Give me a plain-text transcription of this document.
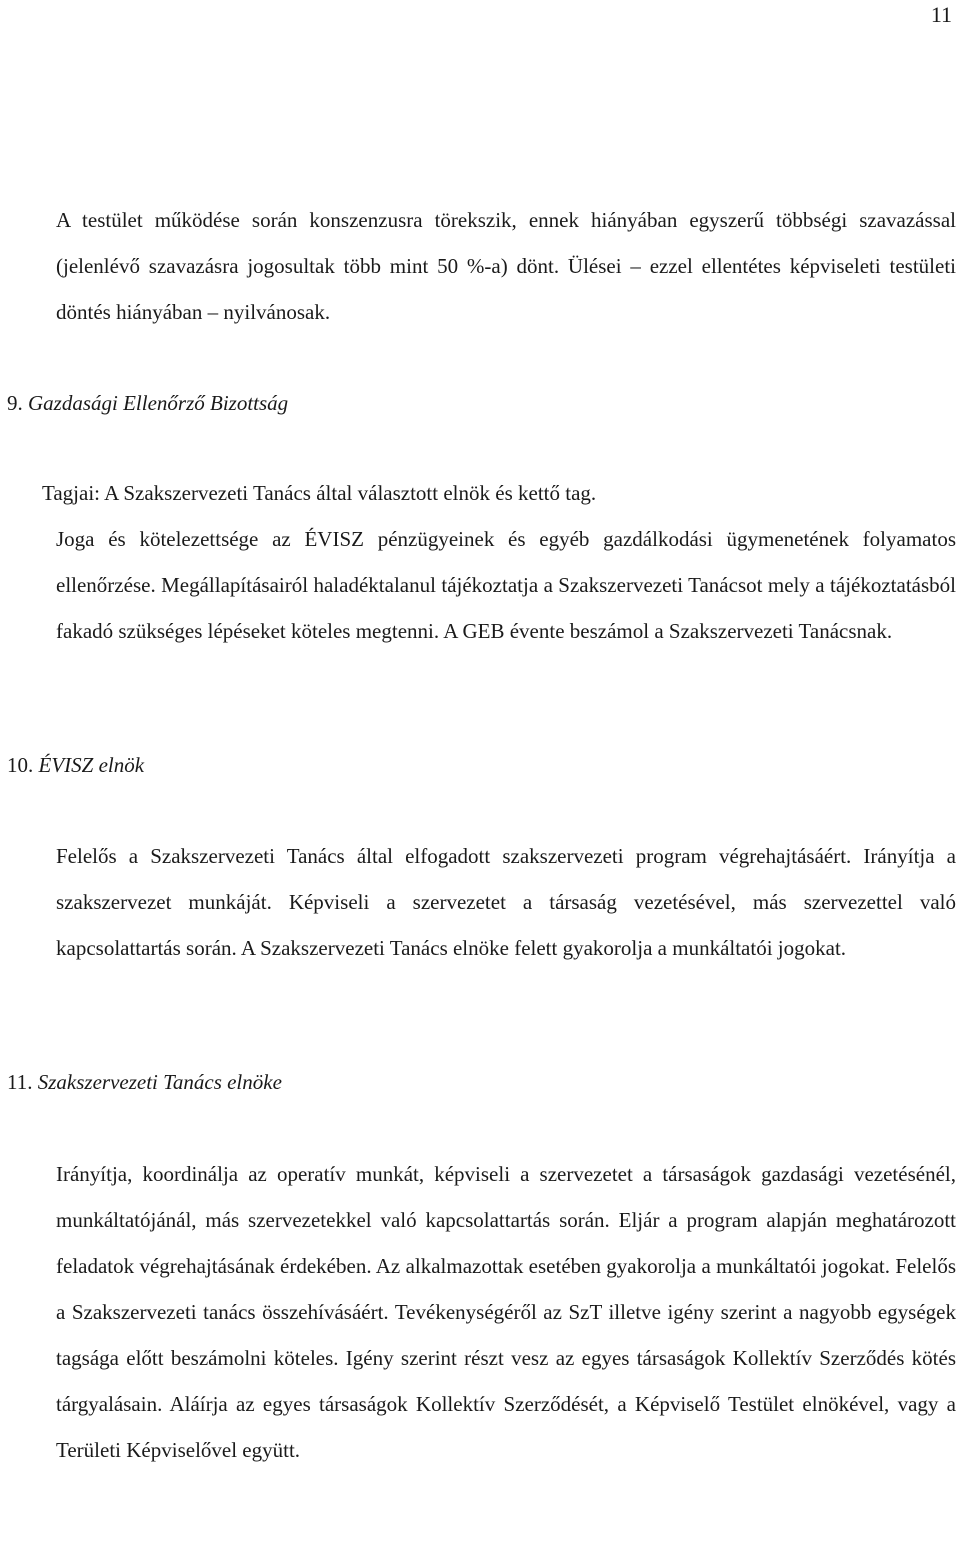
11

A testület működése során konszenzusra törekszik, ennek hiányában egyszerű többségi szavazással (jelenlévő szavazásra jogosultak több mint 50 %-a) dönt. Ülései – ezzel ellentétes képviseleti testületi döntés hiányában – nyilvánosak.

9. Gazdasági Ellenőrző Bizottság

Tagjai: A Szakszervezeti Tanács által választott elnök és kettő tag.

Joga és kötelezettsége az ÉVISZ pénzügyeinek és egyéb gazdálkodási ügymenetének folyamatos ellenőrzése. Megállapításairól haladéktalanul tájékoztatja a Szakszervezeti Tanácsot mely a tájékoztatásból fakadó szükséges lépéseket köteles megtenni. A GEB évente beszámol a Szakszervezeti Tanácsnak.

10. ÉVISZ elnök

Felelős a Szakszervezeti Tanács által elfogadott szakszervezeti program végrehajtásáért. Irányítja a szakszervezet munkáját. Képviseli a szervezetet a társaság vezetésével, más szervezettel való kapcsolattartás során. A Szakszervezeti Tanács elnöke felett gyakorolja a munkáltatói jogokat.

11. Szakszervezeti Tanács elnöke

Irányítja, koordinálja az operatív munkát, képviseli a szervezetet a társaságok gazdasági vezetésénél, munkáltatójánál, más szervezetekkel való kapcsolattartás során. Eljár a program alapján meghatározott feladatok végrehajtásának érdekében. Az alkalmazottak esetében gyakorolja a munkáltatói jogokat. Felelős a Szakszervezeti tanács összehívásáért. Tevékenységéről az SzT illetve igény szerint a nagyobb egységek tagsága előtt beszámolni köteles. Igény szerint részt vesz az egyes társaságok Kollektív Szerződés kötés tárgyalásain. Aláírja az egyes társaságok Kollektív Szerződését, a Képviselő Testület elnökével, vagy a Területi Képviselővel együtt.
